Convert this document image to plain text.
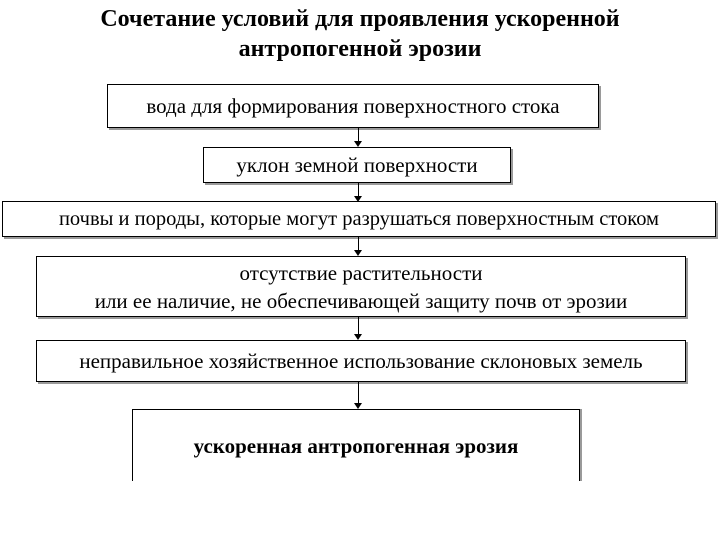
Сочетание условий для проявления ускоренной
антропогенной эрозии
вода для формирования поверхностного стока
уклон земной поверхности
почвы и породы, которые могут разрушаться поверхностным стоком
отсутствие растительности
или ее наличие, не обеспечивающей защиту почв от эрозии
неправильное хозяйственное использование склоновых земель
ускоренная антропогенная эрозия
